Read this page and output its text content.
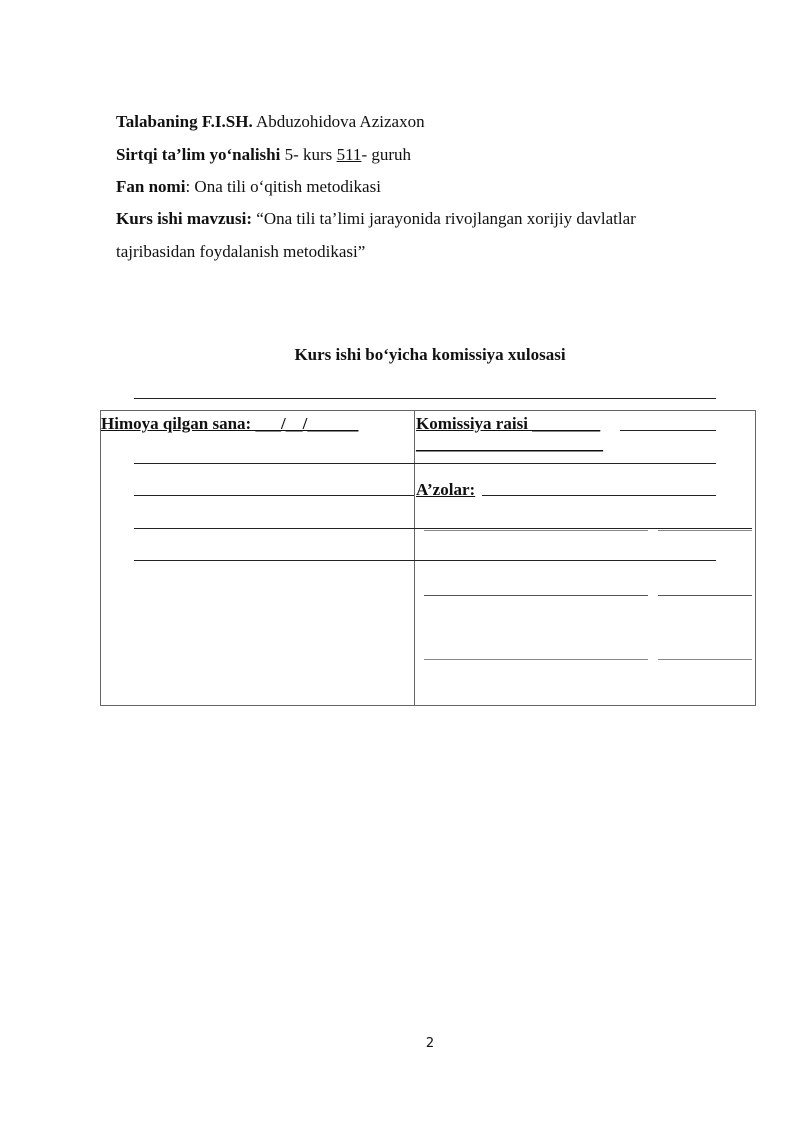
Talabaning F.I.SH. Abduzohidova Azizaxon
Sirtqi ta’lim yo‘nalishi 5- kurs 511- guruh
Fan nomi: Ona tili o‘qitish metodikasi
Kurs ishi mavzusi: “Ona tili ta’limi jarayonida rivojlangan xorijiy davlatlar
tajribasidan foydalanish metodikasi”
Kurs ishi bo‘yicha komissiya xulosasi
Himoya qilgan sana: ___/__/______	Komissiya raisi ________
______________________
A’zolar:
2
